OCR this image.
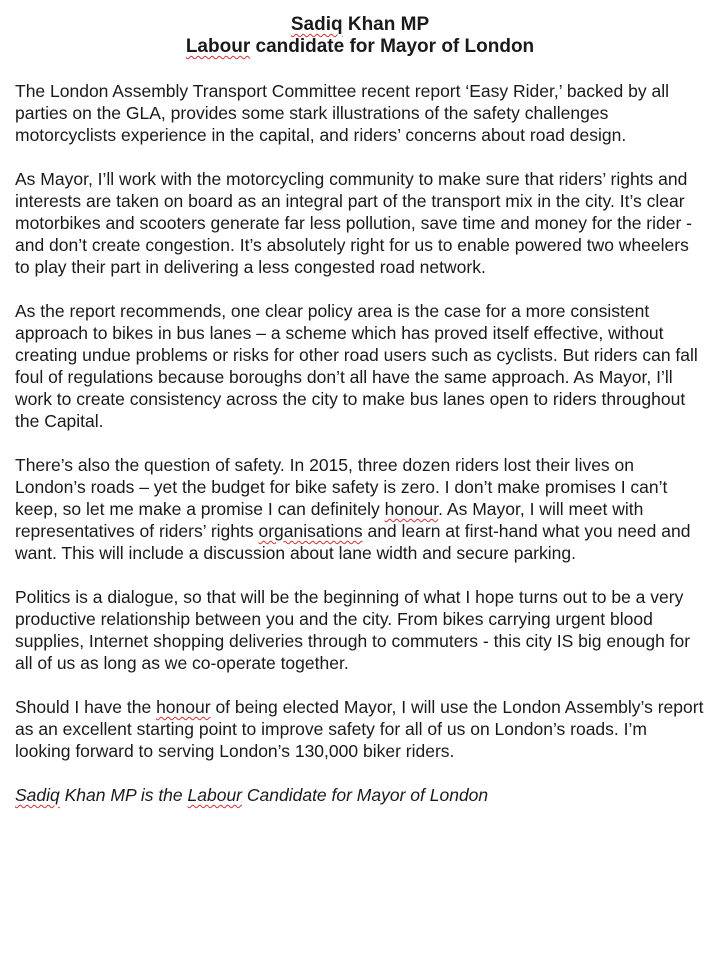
Sadiq Khan MP

Labour candidate for Mayor of London

The London Assembly Transport Committee recent report ‘Easy Rider,’ backed by all parties on the GLA, provides some stark illustrations of the safety challenges motorcyclists experience in the capital, and riders’ concerns about road design.

As Mayor, I’ll work with the motorcycling community to make sure that riders’ rights and interests are taken on board as an integral part of the transport mix in the city. It’s clear motorbikes and scooters generate far less pollution, save time and money for the rider - and don’t create congestion. It’s absolutely right for us to enable powered two wheelers to play their part in delivering a less congested road network.

As the report recommends, one clear policy area is the case for a more consistent approach to bikes in bus lanes – a scheme which has proved itself effective, without creating undue problems or risks for other road users such as cyclists. But riders can fall foul of regulations because boroughs don’t all have the same approach. As Mayor, I’ll work to create consistency across the city to make bus lanes open to riders throughout the Capital.

There’s also the question of safety. In 2015, three dozen riders lost their lives on London’s roads – yet the budget for bike safety is zero. I don’t make promises I can’t keep, so let me make a promise I can definitely honour. As Mayor, I will meet with representatives of riders’ rights organisations and learn at first-hand what you need and want. This will include a discussion about lane width and secure parking.

Politics is a dialogue, so that will be the beginning of what I hope turns out to be a very productive relationship between you and the city. From bikes carrying urgent blood supplies, Internet shopping deliveries through to commuters - this city IS big enough for all of us as long as we co-operate together.

Should I have the honour of being elected Mayor, I will use the London Assembly’s report as an excellent starting point to improve safety for all of us on London’s roads. I’m looking forward to serving London’s 130,000 biker riders.

Sadiq Khan MP is the Labour Candidate for Mayor of London
